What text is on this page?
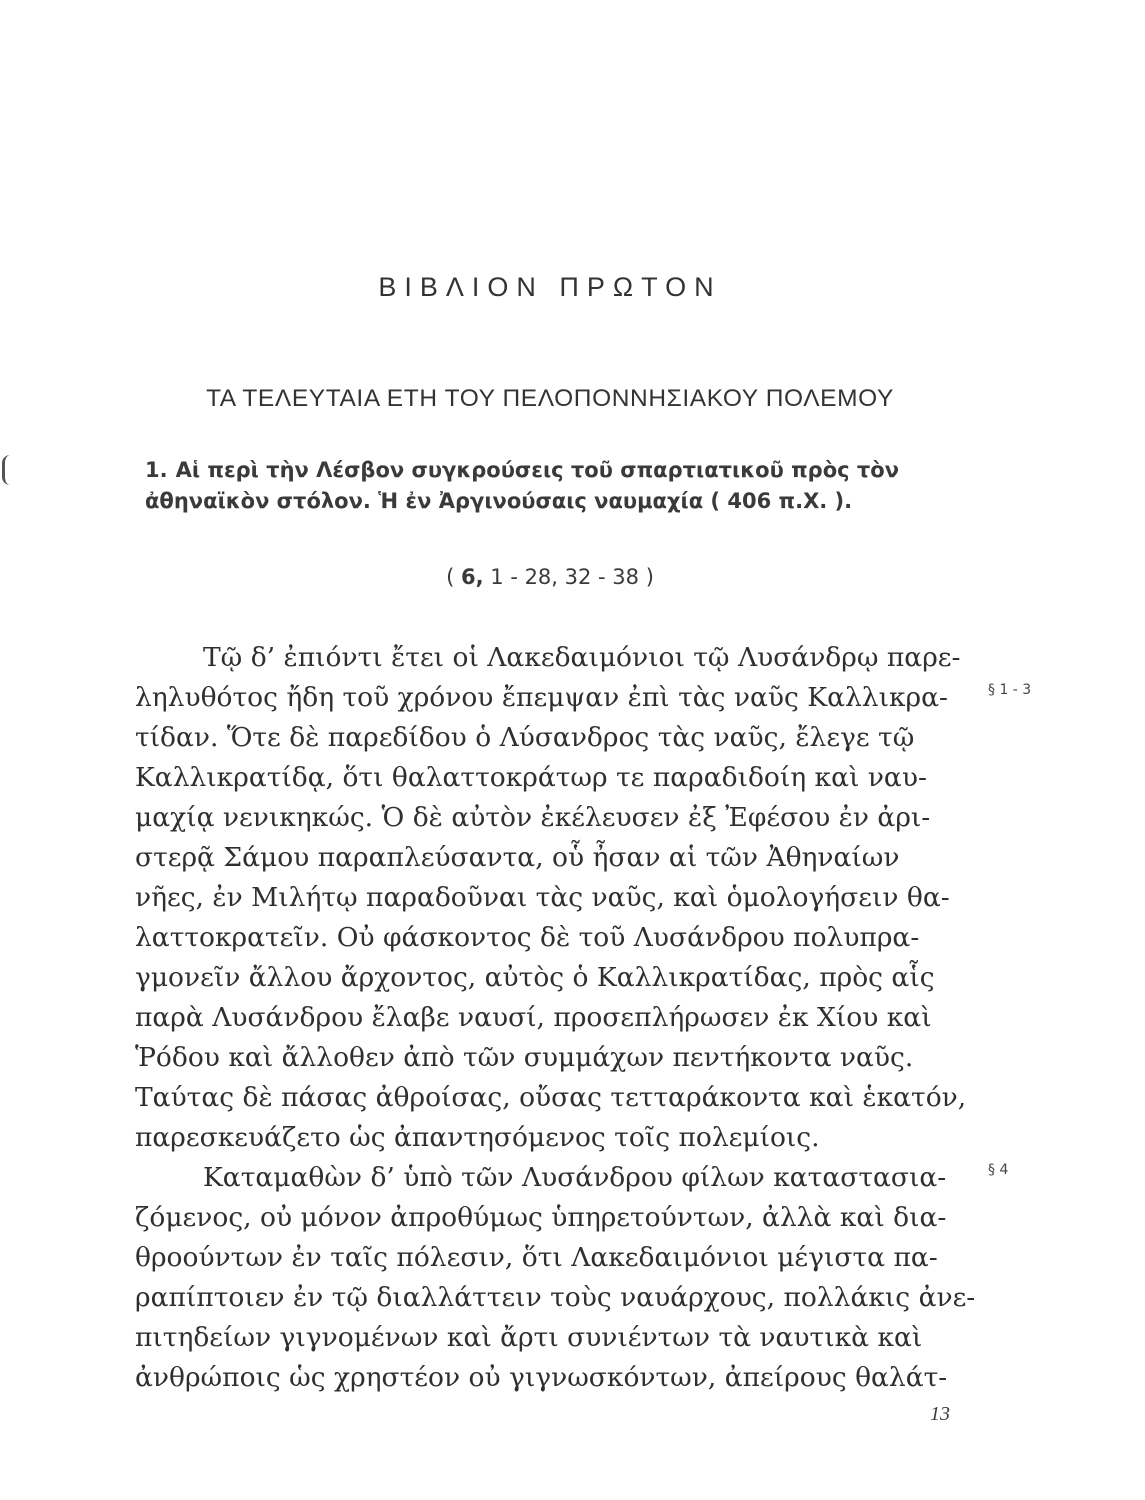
ΒΙΒΛΙΟΝ ΠΡΩΤΟΝ
ΤΑ ΤΕΛΕΥΤΑΙΑ ΕΤΗ ΤΟΥ ΠΕΛΟΠΟΝΝΗΣΙΑΚΟΥ ΠΟΛΕΜΟΥ
1. Αἱ περὶ τὴν Λέσβον συγκρούσεις τοῦ σπαρτιατικοῦ πρὸς τὸν
ἀθηναϊκὸν στόλον. Ἡ ἐν Ἀργινούσαις ναυμαχία ( 406 π.Χ. ).
( 6, 1 - 28, 32 - 38 )
Τῷ δ’ ἐπιόντι ἔτει οἱ Λακεδαιμόνιοι τῷ Λυσάνδρῳ παρε-
ληλυθότος ἤδη τοῦ χρόνου ἔπεμψαν ἐπὶ τὰς ναῦς Καλλικρα-
τίδαν. Ὅτε δὲ παρεδίδου ὁ Λύσανδρος τὰς ναῦς, ἔλεγε τῷ
Καλλικρατίδᾳ, ὅτι θαλαττοκράτωρ τε παραδιδοίη καὶ ναυ-
μαχίᾳ νενικηκώς. Ὁ δὲ αὐτὸν ἐκέλευσεν ἐξ Ἐφέσου ἐν ἀρι-
στερᾷ Σάμου παραπλεύσαντα, οὗ ἦσαν αἱ τῶν Ἀθηναίων
νῆες, ἐν Μιλήτῳ παραδοῦναι τὰς ναῦς, καὶ ὁμολογήσειν θα-
λαττοκρατεῖν. Οὐ φάσκοντος δὲ τοῦ Λυσάνδρου πολυπρα-
γμονεῖν ἄλλου ἄρχοντος, αὐτὸς ὁ Καλλικρατίδας, πρὸς αἷς
παρὰ Λυσάνδρου ἔλαβε ναυσί, προσεπλήρωσεν ἐκ Χίου καὶ
Ῥόδου καὶ ἄλλοθεν ἀπὸ τῶν συμμάχων πεντήκοντα ναῦς.
Ταύτας δὲ πάσας ἀθροίσας, οὔσας τετταράκοντα καὶ ἑκατόν,
παρεσκευάζετο ὡς ἀπαντησόμενος τοῖς πολεμίοις.
Καταμαθὼν δ’ ὑπὸ τῶν Λυσάνδρου φίλων καταστασια-
ζόμενος, οὐ μόνον ἀπροθύμως ὑπηρετούντων, ἀλλὰ καὶ δια-
θροούντων ἐν ταῖς πόλεσιν, ὅτι Λακεδαιμόνιοι μέγιστα πα-
ραπίπτοιεν ἐν τῷ διαλλάττειν τοὺς ναυάρχους, πολλάκις ἀνε-
πιτηδείων γιγνομένων καὶ ἄρτι συνιέντων τὰ ναυτικὰ καὶ
ἀνθρώποις ὡς χρηστέον οὐ γιγνωσκόντων, ἀπείρους θαλάτ-
§ 1 - 3
§ 4
13
